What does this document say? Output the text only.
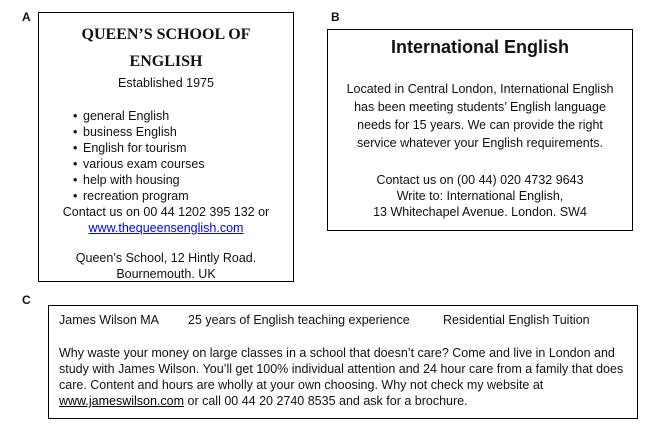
A	B
C
QUEEN’S SCHOOL OF
ENGLISH
Established 1975
• general English
• business English
• English for tourism
• various exam courses
• help with housing
• recreation program
Contact us on 00 44 1202 395 132 or
www.thequeensenglish.com
Queen’s School, 12 Hintly Road.
Bournemouth. UK
International English
Located in Central London, International English has been meeting students’ English language needs for 15 years. We can provide the right service whatever your English requirements.
Contact us on (00 44) 020 4732 9643
Write to: International English,
13 Whitechapel Avenue. London. SW4
James Wilson MA 25 years of English teaching experience	Residential English Tuition
Why waste your money on large classes in a school that doesn’t care? Come and live in London and study with James Wilson. You’ll get 100% individual attention and 24 hour care from a family that does care. Content and hours are wholly at your own choosing. Why not check my website at www.jameswilson.com or call 00 44 20 2740 8535 and ask for a brochure.
